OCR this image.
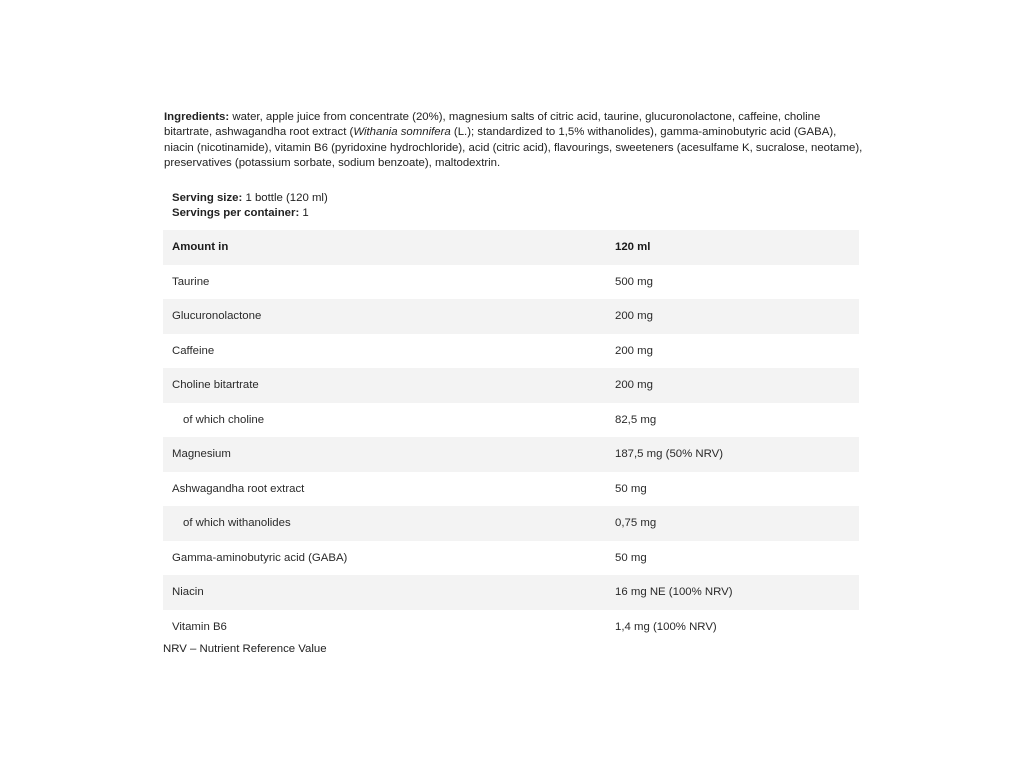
Ingredients: water, apple juice from concentrate (20%), magnesium salts of citric acid, taurine, glucuronolactone, caffeine, choline bitartrate, ashwagandha root extract (Withania somnifera (L.); standardized to 1,5% withanolides), gamma-aminobutyric acid (GABA), niacin (nicotinamide), vitamin B6 (pyridoxine hydrochloride), acid (citric acid), flavourings, sweeteners (acesulfame K, sucralose, neotame), preservatives (potassium sorbate, sodium benzoate), maltodextrin.
Serving size: 1 bottle (120 ml)
Servings per container: 1
Amount in	120 ml
Taurine	500 mg
Glucuronolactone	200 mg
Caffeine	200 mg
Choline bitartrate	200 mg
of which choline	82,5 mg
Magnesium	187,5 mg (50% NRV)
Ashwagandha root extract	50 mg
of which withanolides	0,75 mg
Gamma-aminobutyric acid (GABA)	50 mg
Niacin	16 mg NE (100% NRV)
Vitamin B6	1,4 mg (100% NRV)
NRV – Nutrient Reference Value
